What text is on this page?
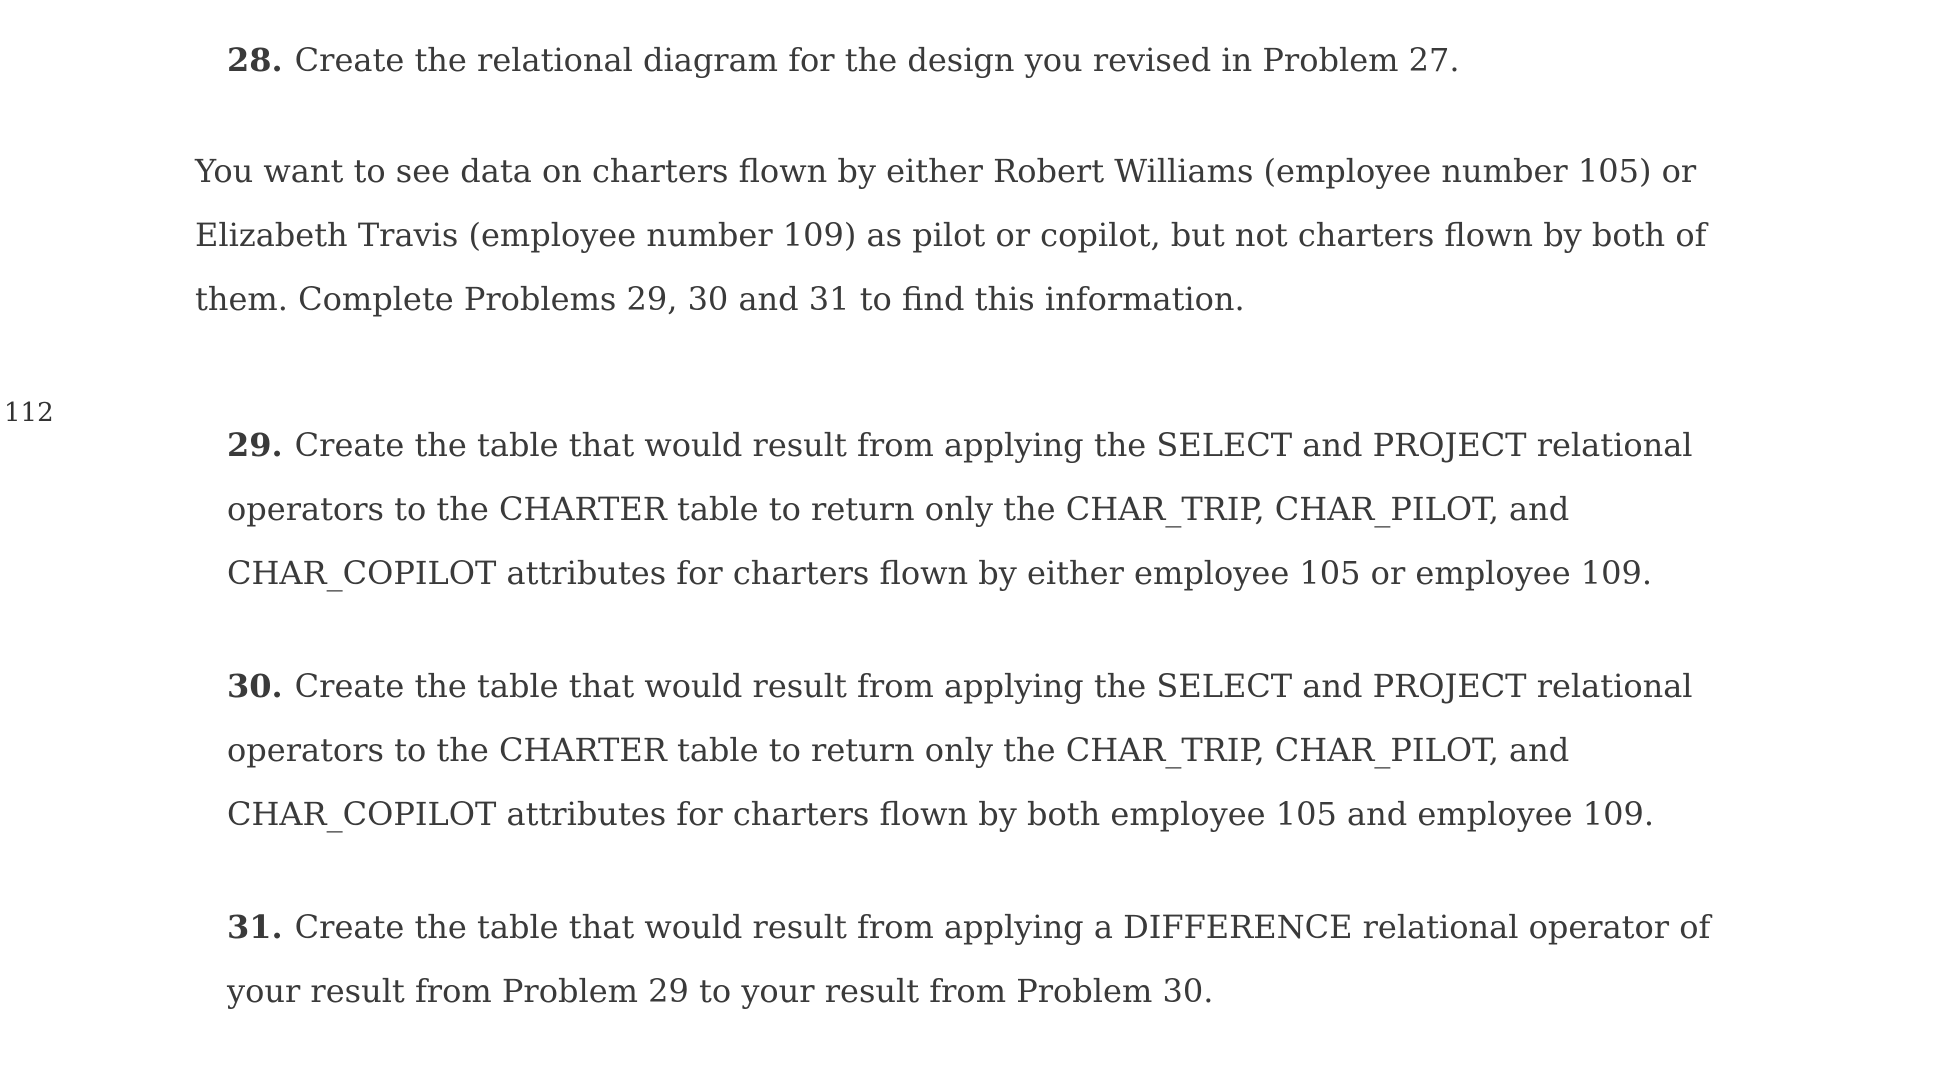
112
28. Create the relational diagram for the design you revised in Problem 27.
You want to see data on charters flown by either Robert Williams (employee number 105) or
Elizabeth Travis (employee number 109) as pilot or copilot, but not charters flown by both of
them. Complete Problems 29, 30 and 31 to find this information.
29. Create the table that would result from applying the SELECT and PROJECT relational
operators to the CHARTER table to return only the CHAR_TRIP, CHAR_PILOT, and
CHAR_COPILOT attributes for charters flown by either employee 105 or employee 109.
30. Create the table that would result from applying the SELECT and PROJECT relational
operators to the CHARTER table to return only the CHAR_TRIP, CHAR_PILOT, and
CHAR_COPILOT attributes for charters flown by both employee 105 and employee 109.
31. Create the table that would result from applying a DIFFERENCE relational operator of
your result from Problem 29 to your result from Problem 30.
